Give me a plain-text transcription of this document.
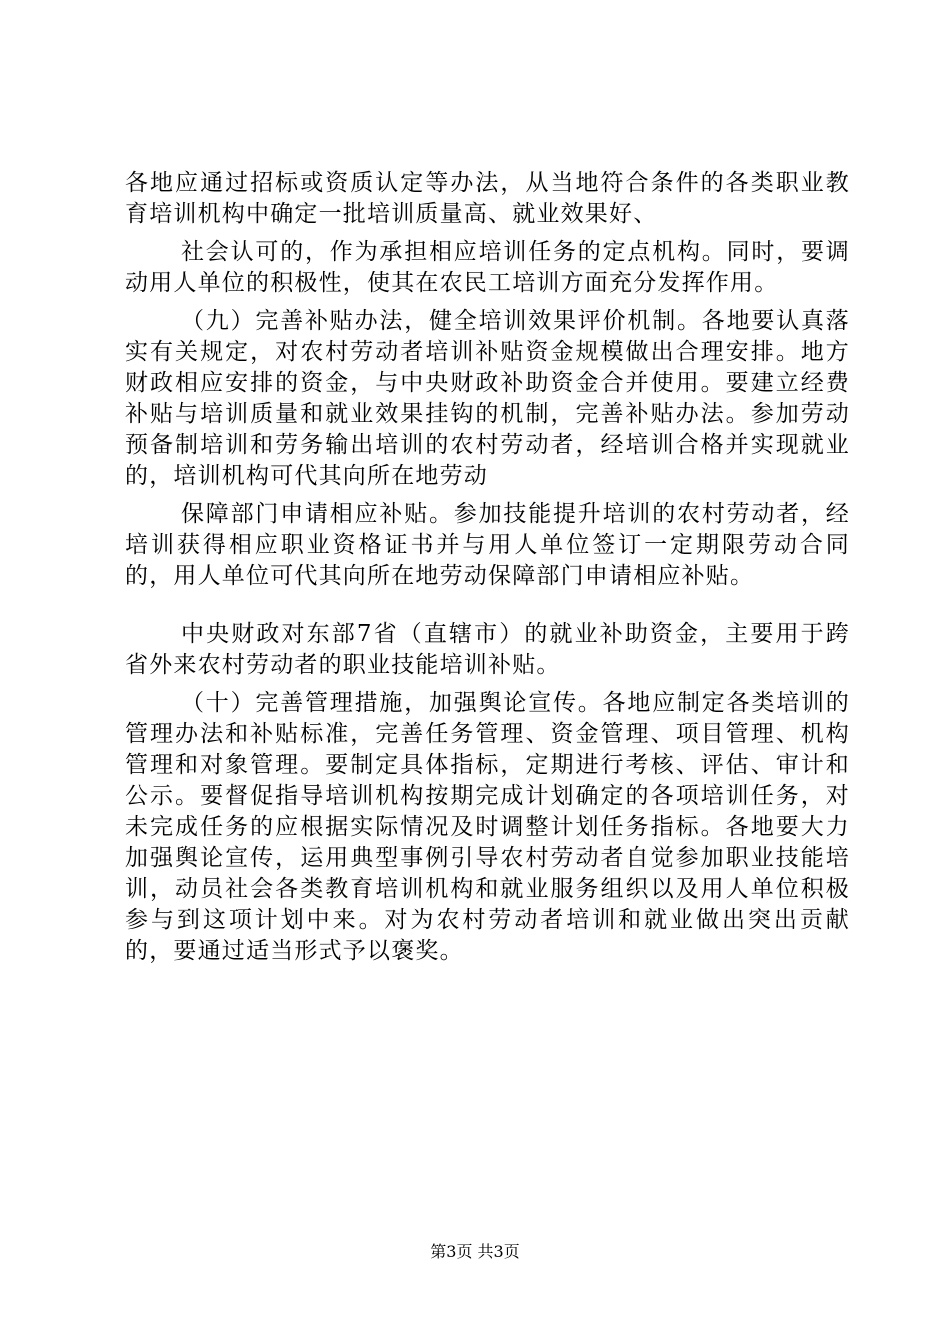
各地应通过招标或资质认定等办法，从当地符合条件的各类职业教育培训机构中确定一批培训质量高、就业效果好、

社会认可的，作为承担相应培训任务的定点机构。同时，要调动用人单位的积极性，使其在农民工培训方面充分发挥作用。

（九）完善补贴办法，健全培训效果评价机制。各地要认真落实有关规定，对农村劳动者培训补贴资金规模做出合理安排。地方财政相应安排的资金，与中央财政补助资金合并使用。要建立经费补贴与培训质量和就业效果挂钩的机制，完善补贴办法。参加劳动预备制培训和劳务输出培训的农村劳动者，经培训合格并实现就业的，培训机构可代其向所在地劳动

保障部门申请相应补贴。参加技能提升培训的农村劳动者，经培训获得相应职业资格证书并与用人单位签订一定期限劳动合同的，用人单位可代其向所在地劳动保障部门申请相应补贴。

中央财政对东部7省（直辖市）的就业补助资金，主要用于跨省外来农村劳动者的职业技能培训补贴。

（十）完善管理措施，加强舆论宣传。各地应制定各类培训的管理办法和补贴标准，完善任务管理、资金管理、项目管理、机构管理和对象管理。要制定具体指标，定期进行考核、评估、审计和公示。要督促指导培训机构按期完成计划确定的各项培训任务，对未完成任务的应根据实际情况及时调整计划任务指标。各地要大力加强舆论宣传，运用典型事例引导农村劳动者自觉参加职业技能培训，动员社会各类教育培训机构和就业服务组织以及用人单位积极参与到这项计划中来。对为农村劳动者培训和就业做出突出贡献的，要通过适当形式予以褒奖。

第3页 共3页
